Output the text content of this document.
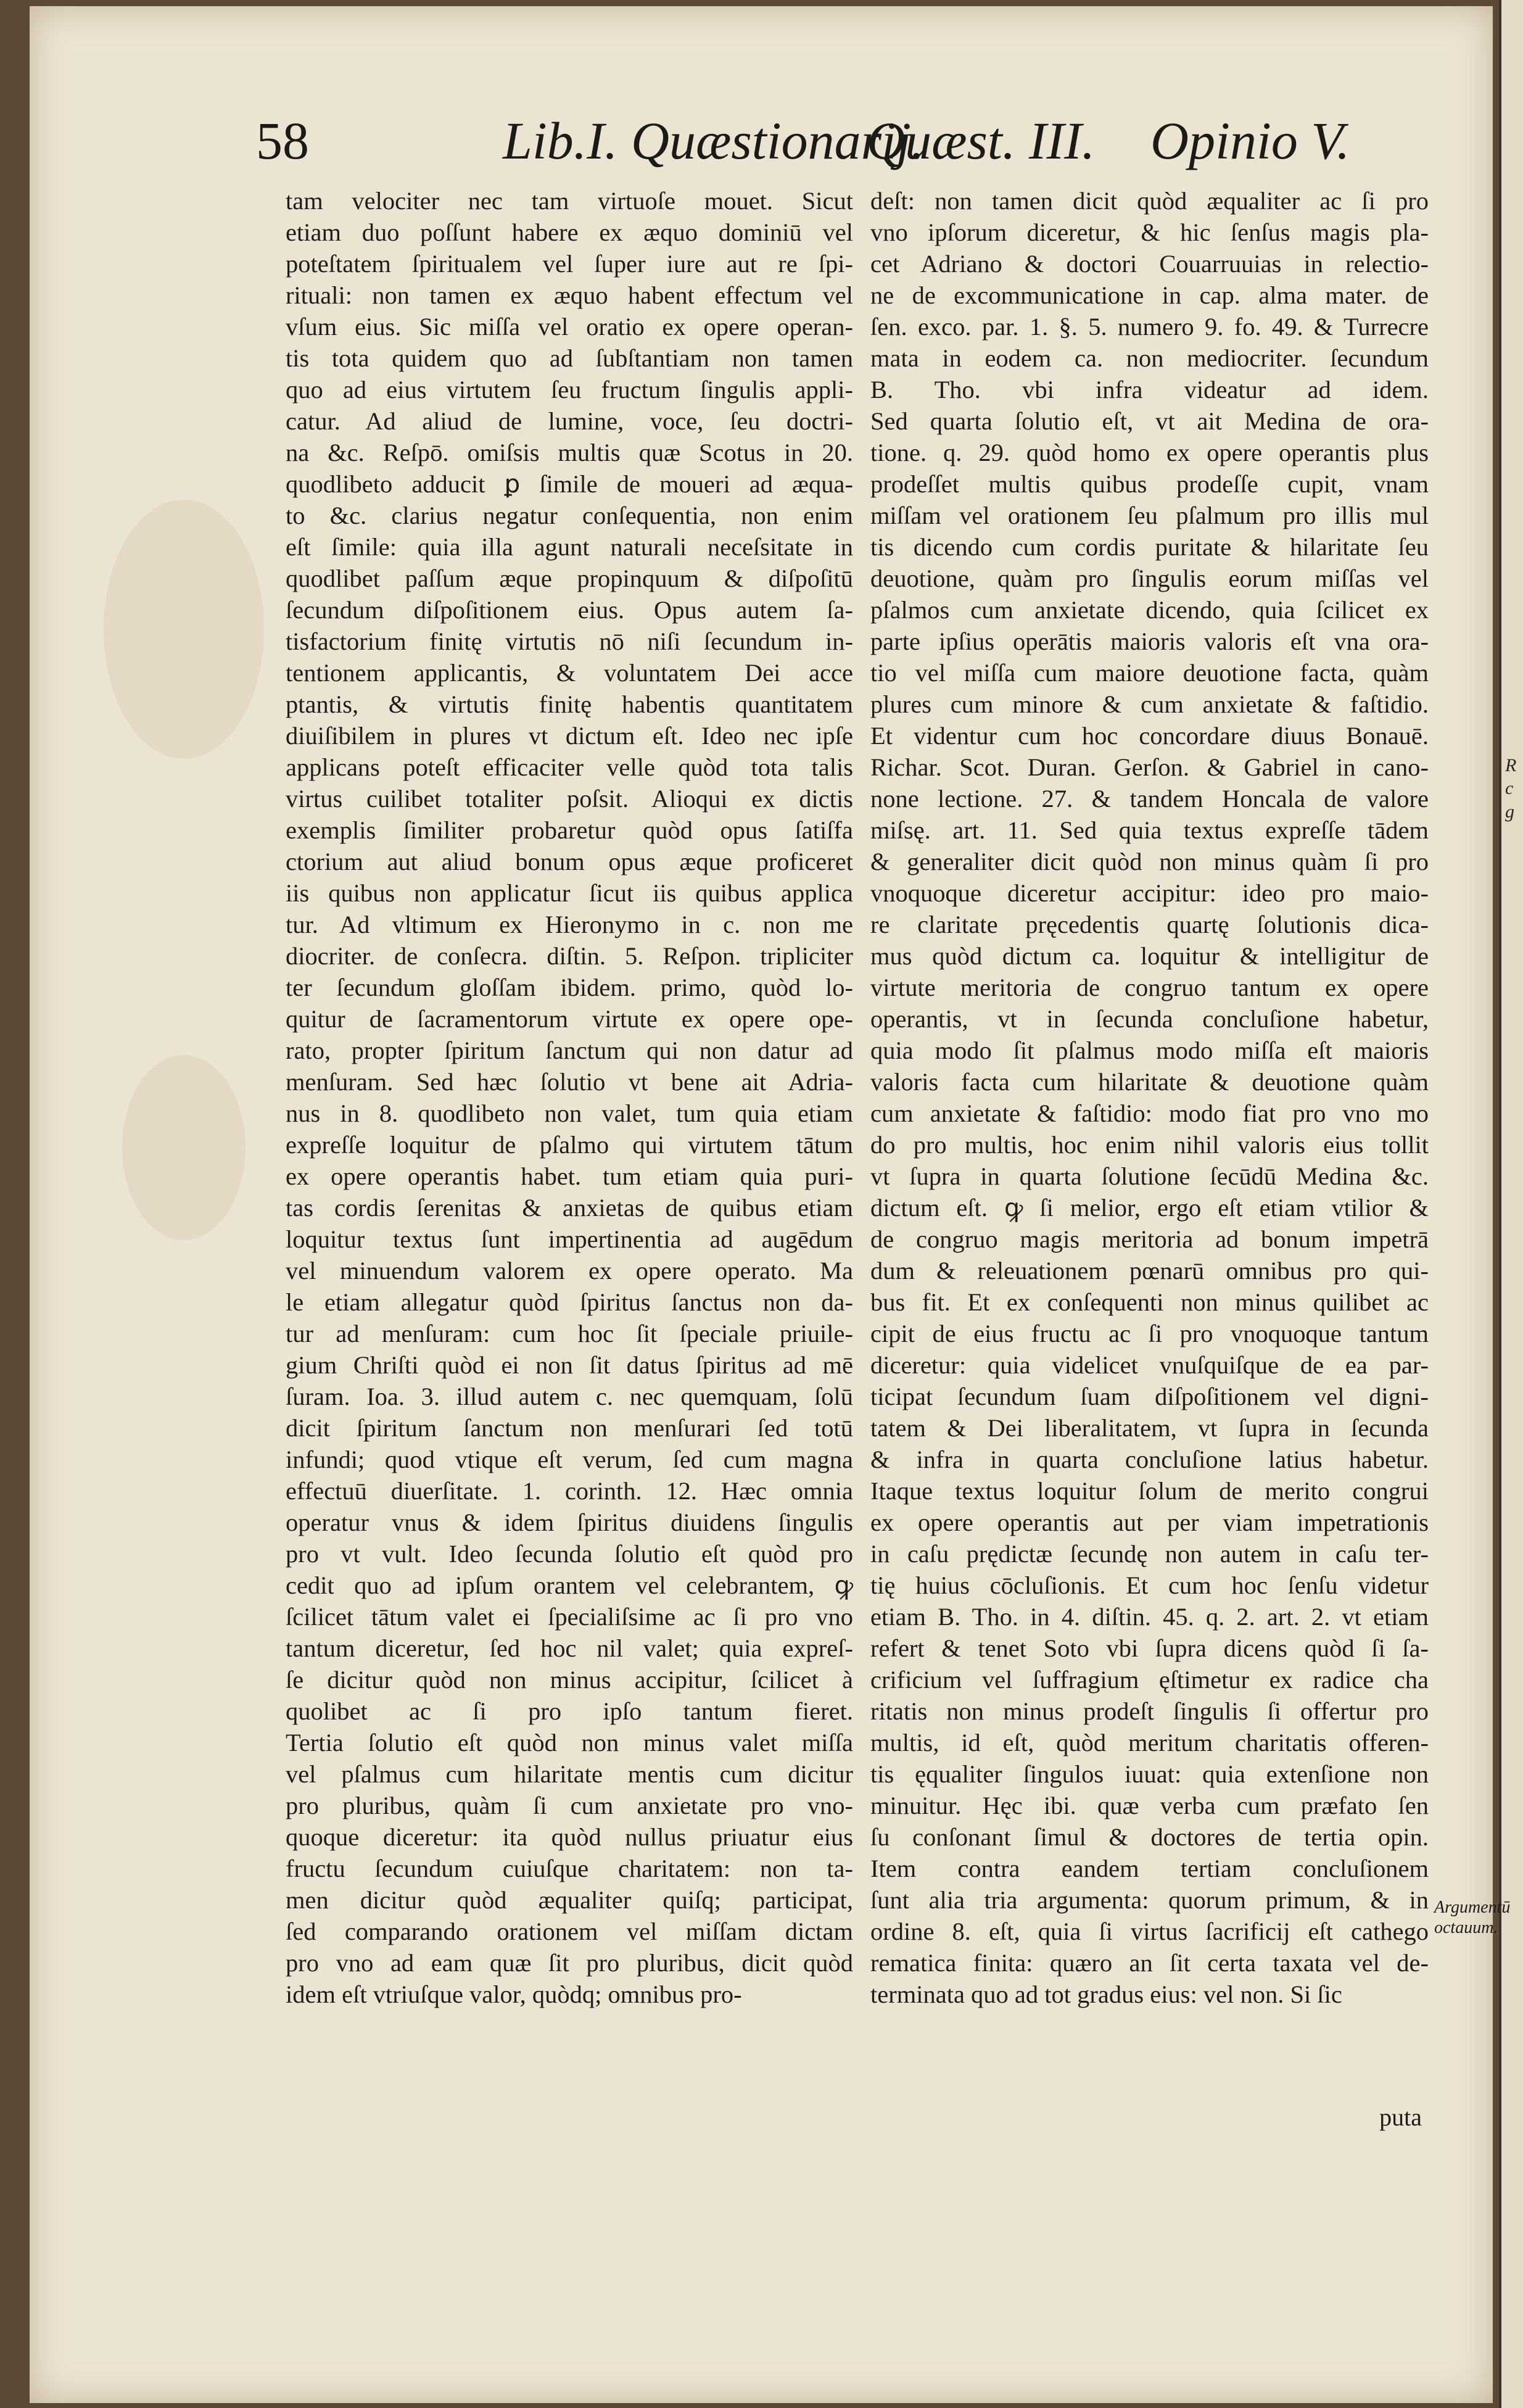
R
c
g
58	Lib.I. Quæstionarij.
Quæst. III. Opinio V.
tam velociter nec tam virtuoſe mouet. Sicut
etiam duo poſſunt habere ex æquo dominiū vel
poteſtatem ſpiritualem vel ſuper iure aut re ſpi-
rituali: non tamen ex æquo habent effectum vel
vſum eius. Sic miſſa vel oratio ex opere operan-
tis tota quidem quo ad ſubſtantiam non tamen
quo ad eius virtutem ſeu fructum ſingulis appli-
catur. Ad aliud de lumine, voce, ſeu doctri-
na &c. Reſpō. omiſsis multis quæ Scotus in 20.
quodlibeto adducit ꝑ ſimile de moueri ad æqua-
to &c. clarius negatur conſequentia, non enim
eſt ſimile: quia illa agunt naturali neceſsitate in
quodlibet paſſum æque propinquum & diſpoſitū
ſecundum diſpoſitionem eius. Opus autem ſa-
tisfactorium finitę virtutis nō niſi ſecundum in-
tentionem applicantis, & voluntatem Dei acce
ptantis, & virtutis finitę habentis quantitatem
diuiſibilem in plures vt dictum eſt. Ideo nec ipſe
applicans poteſt efficaciter velle quòd tota talis
virtus cuilibet totaliter poſsit. Alioqui ex dictis
exemplis ſimiliter probaretur quòd opus ſatiſfa
ctorium aut aliud bonum opus æque proficeret
iis quibus non applicatur ſicut iis quibus applica
tur. Ad vltimum ex Hieronymo in c. non me
diocriter. de conſecra. diſtin. 5. Reſpon. tripliciter
ter ſecundum gloſſam ibidem. primo, quòd lo-
quitur de ſacramentorum virtute ex opere ope-
rato, propter ſpiritum ſanctum qui non datur ad
menſuram. Sed hæc ſolutio vt bene ait Adria-
nus in 8. quodlibeto non valet, tum quia etiam
expreſſe loquitur de pſalmo qui virtutem tātum
ex opere operantis habet. tum etiam quia puri-
tas cordis ſerenitas & anxietas de quibus etiam
loquitur textus ſunt impertinentia ad augēdum
vel minuendum valorem ex opere operato. Ma
le etiam allegatur quòd ſpiritus ſanctus non da-
tur ad menſuram: cum hoc ſit ſpeciale priuile-
gium Chriſti quòd ei non ſit datus ſpiritus ad mē
ſuram. Ioa. 3. illud autem c. nec quemquam, ſolū
dicit ſpiritum ſanctum non menſurari ſed totū
infundi; quod vtique eſt verum, ſed cum magna
effectuū diuerſitate. 1. corinth. 12. Hæc omnia
operatur vnus & idem ſpiritus diuidens ſingulis
pro vt vult. Ideo ſecunda ſolutio eſt quòd pro
cedit quo ad ipſum orantem vel celebrantem, ꝙ
ſcilicet tātum valet ei ſpecialiſsime ac ſi pro vno
tantum diceretur, ſed hoc nil valet; quia expreſ-
ſe dicitur quòd non minus accipitur, ſcilicet à
quolibet ac ſi pro ipſo tantum fieret.
Tertia ſolutio eſt quòd non minus valet miſſa
vel pſalmus cum hilaritate mentis cum dicitur
pro pluribus, quàm ſi cum anxietate pro vno-
quoque diceretur: ita quòd nullus priuatur eius
fructu ſecundum cuiuſque charitatem: non ta-
men dicitur quòd æqualiter quiſq; participat,
ſed comparando orationem vel miſſam dictam
pro vno ad eam quæ ſit pro pluribus, dicit quòd
idem eſt vtriuſque valor, quòdq; omnibus pro-
deſt: non tamen dicit quòd æqualiter ac ſi pro
vno ipſorum diceretur, & hic ſenſus magis pla-
cet Adriano & doctori Couarruuias in relectio-
ne de excommunicatione in cap. alma mater. de
ſen. exco. par. 1. §. 5. numero 9. fo. 49. & Turrecre
mata in eodem ca. non mediocriter. ſecundum
B. Tho. vbi infra videatur ad idem.
Sed quarta ſolutio eſt, vt ait Medina de ora-
tione. q. 29. quòd homo ex opere operantis plus
prodeſſet multis quibus prodeſſe cupit, vnam
miſſam vel orationem ſeu pſalmum pro illis mul
tis dicendo cum cordis puritate & hilaritate ſeu
deuotione, quàm pro ſingulis eorum miſſas vel
pſalmos cum anxietate dicendo, quia ſcilicet ex
parte ipſius operātis maioris valoris eſt vna ora-
tio vel miſſa cum maiore deuotione facta, quàm
plures cum minore & cum anxietate & faſtidio.
Et videntur cum hoc concordare diuus Bonauē.
Richar. Scot. Duran. Gerſon. & Gabriel in cano-
none lectione. 27. & tandem Honcala de valore
miſsę. art. 11. Sed quia textus expreſſe tādem
& generaliter dicit quòd non minus quàm ſi pro
vnoquoque diceretur accipitur: ideo pro maio-
re claritate pręcedentis quartę ſolutionis dica-
mus quòd dictum ca. loquitur & intelligitur de
virtute meritoria de congruo tantum ex opere
operantis, vt in ſecunda concluſione habetur,
quia modo ſit pſalmus modo miſſa eſt maioris
valoris facta cum hilaritate & deuotione quàm
cum anxietate & faſtidio: modo fiat pro vno mo
do pro multis, hoc enim nihil valoris eius tollit
vt ſupra in quarta ſolutione ſecūdū Medina &c.
dictum eſt. ꝙ ſi melior, ergo eſt etiam vtilior &
de congruo magis meritoria ad bonum impetrā
dum & releuationem pœnarū omnibus pro qui-
bus fit. Et ex conſequenti non minus quilibet ac
cipit de eius fructu ac ſi pro vnoquoque tantum
diceretur: quia videlicet vnuſquiſque de ea par-
ticipat ſecundum ſuam diſpoſitionem vel digni-
tatem & Dei liberalitatem, vt ſupra in ſecunda
& infra in quarta concluſione latius habetur.
Itaque textus loquitur ſolum de merito congrui
ex opere operantis aut per viam impetrationis
in caſu prędictæ ſecundę non autem in caſu ter-
tię huius cōcluſionis. Et cum hoc ſenſu videtur
etiam B. Tho. in 4. diſtin. 45. q. 2. art. 2. vt etiam
refert & tenet Soto vbi ſupra dicens quòd ſi ſa-
crificium vel ſuffragium ęſtimetur ex radice cha
ritatis non minus prodeſt ſingulis ſi offertur pro
multis, id eſt, quòd meritum charitatis offeren-
tis ęqualiter ſingulos iuuat: quia extenſione non
minuitur. Hęc ibi. quæ verba cum præfato ſen
ſu conſonant ſimul & doctores de tertia opin.
Item contra eandem tertiam concluſionem
ſunt alia tria argumenta: quorum primum, & in
ordine 8. eſt, quia ſi virtus ſacrificij eſt cathego
rematica finita: quæro an ſit certa taxata vel de-
terminata quo ad tot gradus eius: vel non. Si ſic
puta
Argumentū octauum.
